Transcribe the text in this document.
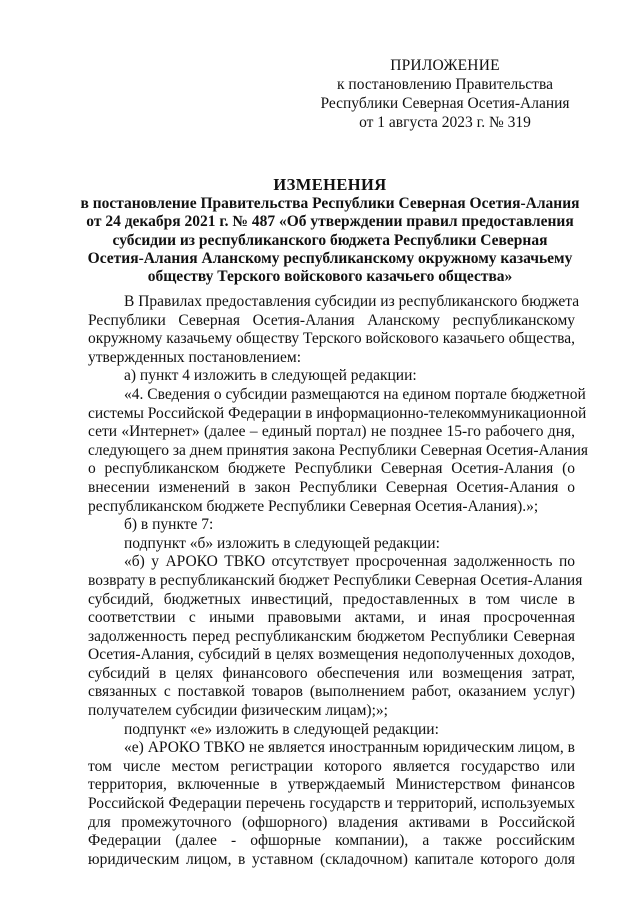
ПРИЛОЖЕНИЕ
к постановлению Правительства
Республики Северная Осетия-Алания
от 1 августа 2023 г. № 319
ИЗМЕНЕНИЯ
в постановление Правительства Республики Северная Осетия-Алания
от 24 декабря 2021 г. № 487 «Об утверждении правил предоставления
субсидии из республиканского бюджета Республики Северная
Осетия-Алания Аланскому республиканскому окружному казачьему
обществу Терского войскового казачьего общества»
В Правилах предоставления субсидии из республиканского бюджета
Республики Северная Осетия-Алания Аланскому республиканскому
окружному казачьему обществу Терского войскового казачьего общества,
утвержденных постановлением:
а) пункт 4 изложить в следующей редакции:
«4. Сведения о субсидии размещаются на едином портале бюджетной
системы Российской Федерации в информационно-телекоммуникационной
сети «Интернет» (далее – единый портал) не позднее 15-го рабочего дня,
следующего за днем принятия закона Республики Северная Осетия-Алания
о республиканском бюджете Республики Северная Осетия-Алания (о
внесении изменений в закон Республики Северная Осетия-Алания о
республиканском бюджете Республики Северная Осетия-Алания).»;
б) в пункте 7:
подпункт «б» изложить в следующей редакции:
«б) у АРОКО ТВКО отсутствует просроченная задолженность по
возврату в республиканский бюджет Республики Северная Осетия-Алания
субсидий, бюджетных инвестиций, предоставленных в том числе в
соответствии с иными правовыми актами, и иная просроченная
задолженность перед республиканским бюджетом Республики Северная
Осетия-Алания, субсидий в целях возмещения недополученных доходов,
субсидий в целях финансового обеспечения или возмещения затрат,
связанных с поставкой товаров (выполнением работ, оказанием услуг)
получателем субсидии физическим лицам);»;
подпункт «е» изложить в следующей редакции:
«е) АРОКО ТВКО не является иностранным юридическим лицом, в
том числе местом регистрации которого является государство или
территория, включенные в утверждаемый Министерством финансов
Российской Федерации перечень государств и территорий, используемых
для промежуточного (офшорного) владения активами в Российской
Федерации (далее - офшорные компании), а также российским
юридическим лицом, в уставном (складочном) капитале которого доля
